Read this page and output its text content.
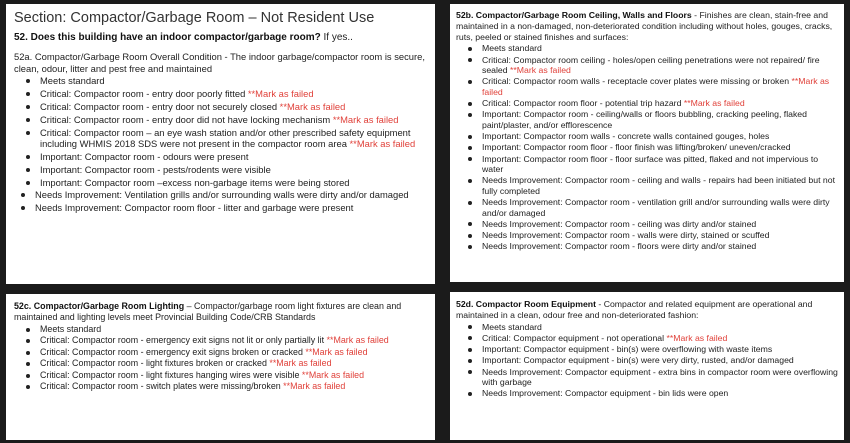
Section: Compactor/Garbage Room – Not Resident Use
52. Does this building have an indoor compactor/garbage room? If yes..
52a. Compactor/Garbage Room Overall Condition - The indoor garbage/compactor room is secure, clean, odour, litter and pest free and maintained
Meets standard
Critical: Compactor room - entry door poorly fitted **Mark as failed
Critical: Compactor room - entry door not securely closed **Mark as failed
Critical: Compactor room - entry door did not have locking mechanism **Mark as failed
Critical: Compactor room – an eye wash station and/or other prescribed safety equipment including WHMIS 2018 SDS were not present in the compactor room area **Mark as failed
Important: Compactor room - odours were present
Important: Compactor room - pests/rodents were visible
Important: Compactor room –excess non-garbage items were being stored
Needs Improvement: Ventilation grills and/or surrounding walls were dirty and/or damaged
Needs Improvement: Compactor room floor - litter and garbage were present
52b. Compactor/Garbage Room Ceiling, Walls and Floors - Finishes are clean, stain-free and maintained in a non-damaged, non-deteriorated condition including without holes, gouges, cracks, ruts, peeled or stained finishes and surfaces:
Meets standard
Critical: Compactor room ceiling - holes/open ceiling penetrations were not repaired/ fire sealed **Mark as failed
Critical: Compactor room walls - receptacle cover plates were missing or broken **Mark as failed
Critical: Compactor room floor - potential trip hazard **Mark as failed
Important: Compactor room - ceiling/walls or floors bubbling, cracking peeling, flaked paint/plaster, and/or efflorescence
Important: Compactor room walls - concrete walls contained gouges, holes
Important: Compactor room floor - floor finish was lifting/broken/ uneven/cracked
Important: Compactor room floor - floor surface was pitted, flaked and not impervious to water
Needs Improvement: Compactor room - ceiling and walls - repairs had been initiated but not fully completed
Needs Improvement: Compactor room - ventilation grill and/or surrounding walls were dirty and/or damaged
Needs Improvement: Compactor room - ceiling was dirty and/or stained
Needs Improvement: Compactor room - walls were dirty, stained or scuffed
Needs Improvement: Compactor room - floors were dirty and/or stained
52c. Compactor/Garbage Room Lighting – Compactor/garbage room light fixtures are clean and maintained and lighting levels meet Provincial Building Code/CRB Standards
Meets standard
Critical: Compactor room - emergency exit signs not lit or only partially lit **Mark as failed
Critical: Compactor room - emergency exit signs broken or cracked **Mark as failed
Critical: Compactor room - light fixtures broken or cracked **Mark as failed
Critical: Compactor room - light fixtures hanging wires were visible **Mark as failed
Critical: Compactor room - switch plates were missing/broken **Mark as failed
52d. Compactor Room Equipment - Compactor and related equipment are operational and maintained in a clean, odour free and non-deteriorated fashion:
Meets standard
Critical: Compactor equipment - not operational **Mark as failed
Important: Compactor equipment - bin(s) were overflowing with waste items
Important: Compactor equipment - bin(s) were very dirty, rusted, and/or damaged
Needs Improvement: Compactor equipment - extra bins in compactor room were overflowing with garbage
Needs Improvement: Compactor equipment - bin lids were open
